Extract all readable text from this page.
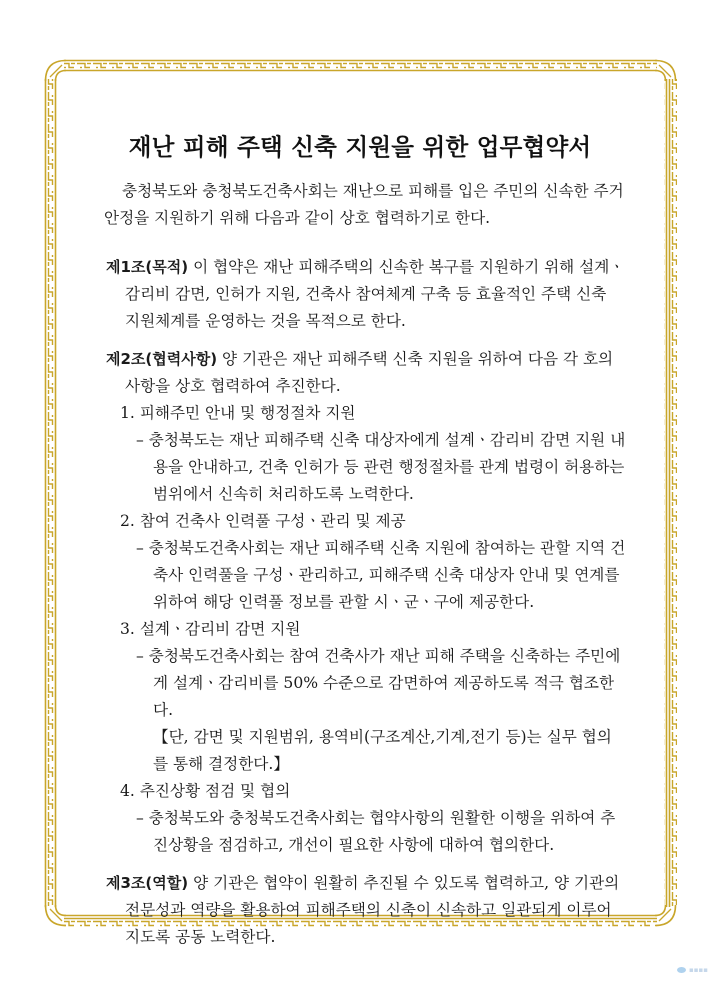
재난 피해 주택 신축 지원을 위한 업무협약서

충청북도와 충청북도건축사회는 재난으로 피해를 입은 주민의 신속한 주거 안정을 지원하기 위해 다음과 같이 상호 협력하기로 한다.

제1조(목적) 이 협약은 재난 피해주택의 신속한 복구를 지원하기 위해 설계ㆍ감리비 감면, 인허가 지원, 건축사 참여체계 구축 등 효율적인 주택 신축 지원체계를 운영하는 것을 목적으로 한다.

제2조(협력사항) 양 기관은 재난 피해주택 신축 지원을 위하여 다음 각 호의 사항을 상호 협력하여 추진한다.

1. 피해주민 안내 및 행정절차 지원

– 충청북도는 재난 피해주택 신축 대상자에게 설계ㆍ감리비 감면 지원 내용을 안내하고, 건축 인허가 등 관련 행정절차를 관계 법령이 허용하는 범위에서 신속히 처리하도록 노력한다.

2. 참여 건축사 인력풀 구성ㆍ관리 및 제공

– 충청북도건축사회는 재난 피해주택 신축 지원에 참여하는 관할 지역 건축사 인력풀을 구성ㆍ관리하고, 피해주택 신축 대상자 안내 및 연계를 위하여 해당 인력풀 정보를 관할 시ㆍ군ㆍ구에 제공한다.

3. 설계ㆍ감리비 감면 지원

– 충청북도건축사회는 참여 건축사가 재난 피해 주택을 신축하는 주민에게 설계ㆍ감리비를 50% 수준으로 감면하여 제공하도록 적극 협조한다.

【단, 감면 및 지원범위, 용역비(구조계산,기계,전기 등)는 실무 협의를 통해 결정한다.】

4. 추진상황 점검 및 협의

– 충청북도와 충청북도건축사회는 협약사항의 원활한 이행을 위하여 추진상황을 점검하고, 개선이 필요한 사항에 대하여 협의한다.

제3조(역할) 양 기관은 협약이 원활히 추진될 수 있도록 협력하고, 양 기관의 전문성과 역량을 활용하여 피해주택의 신축이 신속하고 일관되게 이루어지도록 공동 노력한다.

▪▪▪▪
